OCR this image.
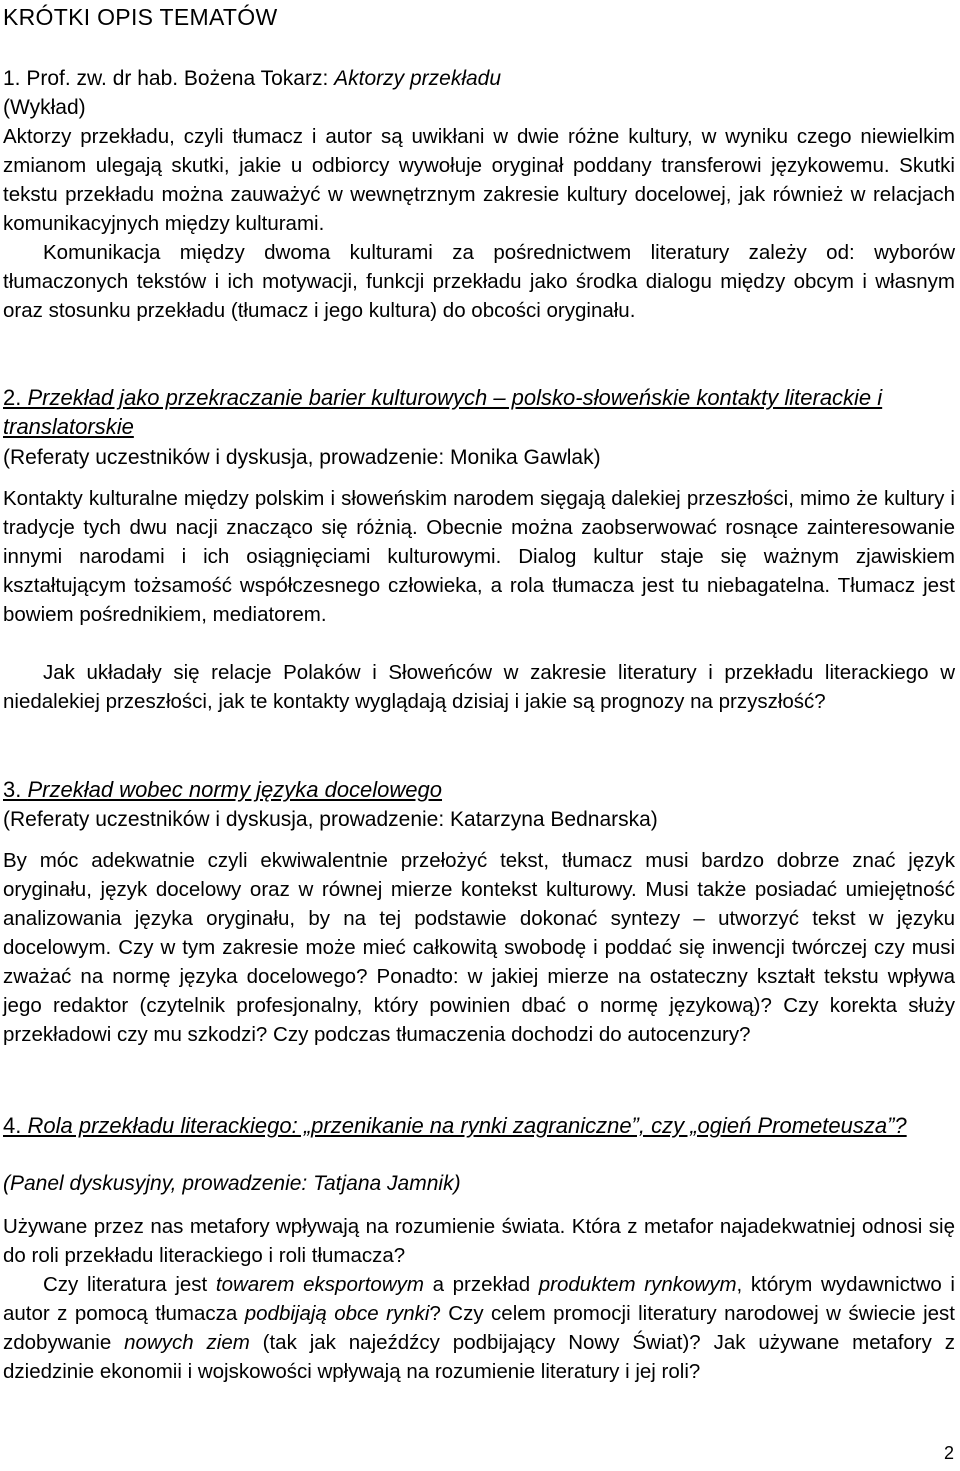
KRÓTKI OPIS TEMATÓW
1. Prof. zw. dr hab. Bożena Tokarz: Aktorzy przekładu
(Wykład)
Aktorzy przekładu, czyli tłumacz i autor są uwikłani w dwie różne kultury, w wyniku czego niewielkim zmianom ulegają skutki, jakie u odbiorcy wywołuje oryginał poddany transferowi językowemu. Skutki tekstu przekładu można zauważyć w wewnętrznym zakresie kultury docelowej, jak również w relacjach komunikacyjnych między kulturami.
Komunikacja między dwoma kulturami za pośrednictwem literatury zależy od: wyborów tłumaczonych tekstów i ich motywacji, funkcji przekładu jako środka dialogu między obcym i własnym oraz stosunku przekładu (tłumacz i jego kultura) do obcości oryginału.
2. Przekład jako przekraczanie barier kulturowych – polsko-słoweńskie kontakty literackie i translatorskie
(Referaty uczestników i dyskusja, prowadzenie: Monika Gawlak)
Kontakty kulturalne między polskim i słoweńskim narodem sięgają dalekiej przeszłości, mimo że kultury i tradycje tych dwu nacji znacząco się różnią. Obecnie można zaobserwować rosnące zainteresowanie innymi narodami i ich osiągnięciami kulturowymi. Dialog kultur staje się ważnym zjawiskiem kształtującym tożsamość współczesnego człowieka, a rola tłumacza jest tu niebagatelna. Tłumacz jest bowiem pośrednikiem, mediatorem.
Jak układały się relacje Polaków i Słoweńców w zakresie literatury i przekładu literackiego w niedalekiej przeszłości, jak te kontakty wyglądają dzisiaj i jakie są prognozy na przyszłość?
3. Przekład wobec normy języka docelowego
(Referaty uczestników i dyskusja, prowadzenie: Katarzyna Bednarska)
By móc adekwatnie czyli ekwiwalentnie przełożyć tekst, tłumacz musi bardzo dobrze znać język oryginału, język docelowy oraz w równej mierze kontekst kulturowy. Musi także posiadać umiejętność analizowania języka oryginału, by na tej podstawie dokonać syntezy – utworzyć tekst w języku docelowym. Czy w tym zakresie może mieć całkowitą swobodę i poddać się inwencji twórczej czy musi zważać na normę języka docelowego? Ponadto: w jakiej mierze na ostateczny kształt tekstu wpływa jego redaktor (czytelnik profesjonalny, który powinien dbać o normę językową)? Czy korekta służy przekładowi czy mu szkodzi? Czy podczas tłumaczenia dochodzi do autocenzury?
4. Rola przekładu literackiego: „przenikanie na rynki zagraniczne”, czy „ogień Prometeusza”?
(Panel dyskusyjny, prowadzenie: Tatjana Jamnik)
Używane przez nas metafory wpływają na rozumienie świata. Która z metafor najadekwatniej odnosi się do roli przekładu literackiego i roli tłumacza?
Czy literatura jest towarem eksportowym a przekład produktem rynkowym, którym wydawnictwo i autor z pomocą tłumacza podbijają obce rynki? Czy celem promocji literatury narodowej w świecie jest zdobywanie nowych ziem (tak jak najeźdźcy podbijający Nowy Świat)? Jak używane metafory z dziedzinie ekonomii i wojskowości wpływają na rozumienie literatury i jej roli?
2
